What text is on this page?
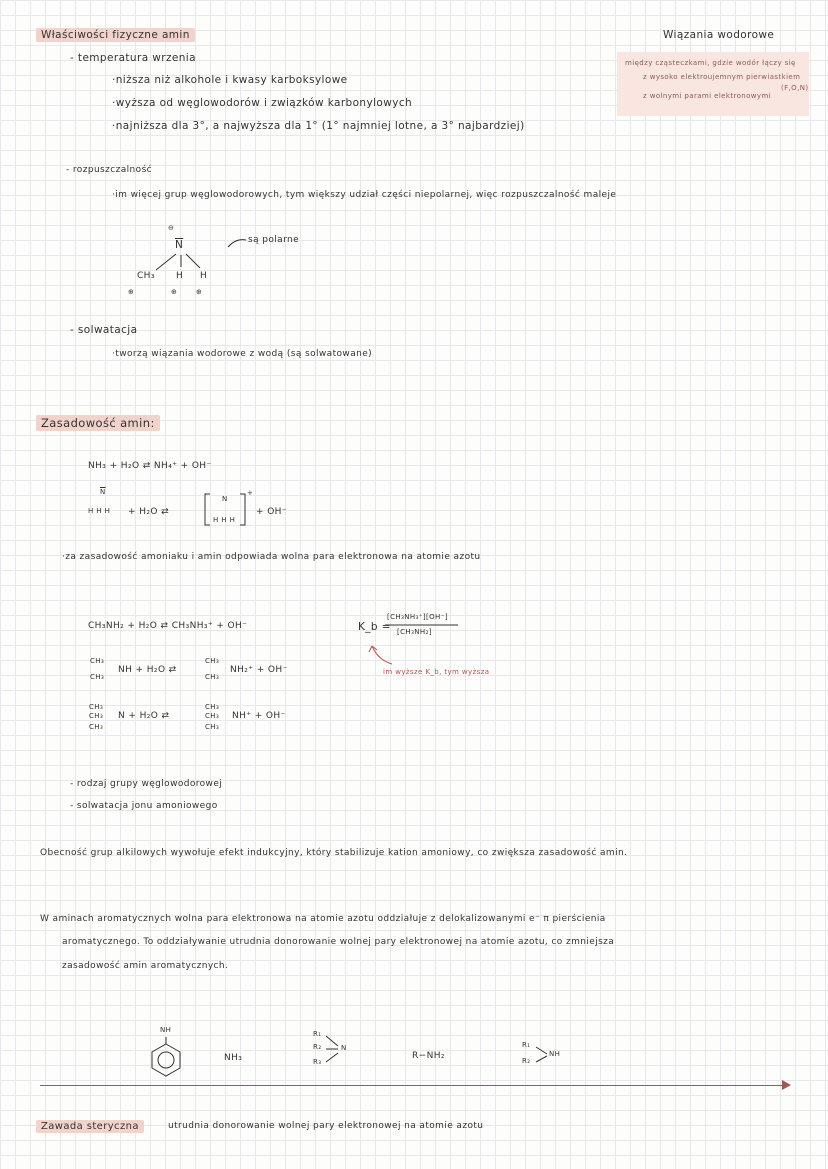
Właściwości fizyczne amin	Wiązania wodorowe
między cząsteczkami, gdzie wodór łączy się
z wysoko elektroujemnym pierwiastkiem
(F,O,N)
z wolnymi parami elektronowymi
- temperatura wrzenia
·niższa niż alkohole i kwasy karboksylowe
·wyższa od węglowodorów i związków karbonylowych
·najniższa dla 3°, a najwyższa dla 1° (1° najmniej lotne, a 3° najbardziej)
- rozpuszczalność
·im więcej grup węglowodorowych, tym większy udział części niepolarnej, więc rozpuszczalność maleje
⊖
$\overline{N}$
CH₃ H H
⊕	⊕	⊕
są polarne
- solwatacja
·tworzą wiązania wodorowe z wodą (są solwatowane)
Zasadowość amin:
NH₃ + H₂O ⇄ NH₄⁺ + OH⁻
$\overline{N}$
H H H + H₂O ⇄
N
H H H
+
+ OH⁻
·za zasadowość amoniaku i amin odpowiada wolna para elektronowa na atomie azotu
CH₃NH₂ + H₂O ⇄ CH₃NH₃⁺ + OH⁻	K_b =
[CH₃NH₃⁺][OH⁻]
[CH₃NH₂]
im wyższe K_b, tym wyższa
CH₃
CH₃
NH + H₂O ⇄
CH₃
CH₃
NH₂⁺ + OH⁻
CH₃
CH₃
CH₃
N + H₂O ⇄
CH₃
CH₃
CH₃
NH⁺ + OH⁻
- rodzaj grupy węglowodorowej
- solwatacja jonu amoniowego
Obecność grup alkilowych wywołuje efekt indukcyjny, który stabilizuje kation amoniowy, co zwiększa zasadowość amin.
W aminach aromatycznych wolna para elektronowa na atomie azotu oddziałuje z delokalizowanymi e⁻ π pierścienia
aromatycznego. To oddziaływanie utrudnia donorowanie wolnej pary elektronowej na atomie azotu, co zmniejsza
zasadowość amin aromatycznych.
NH
NH₃
R₁
R₂
R₃
N
R−NH₂
R₁
R₂
NH
Zawada steryczna	utrudnia donorowanie wolnej pary elektronowej na atomie azotu
